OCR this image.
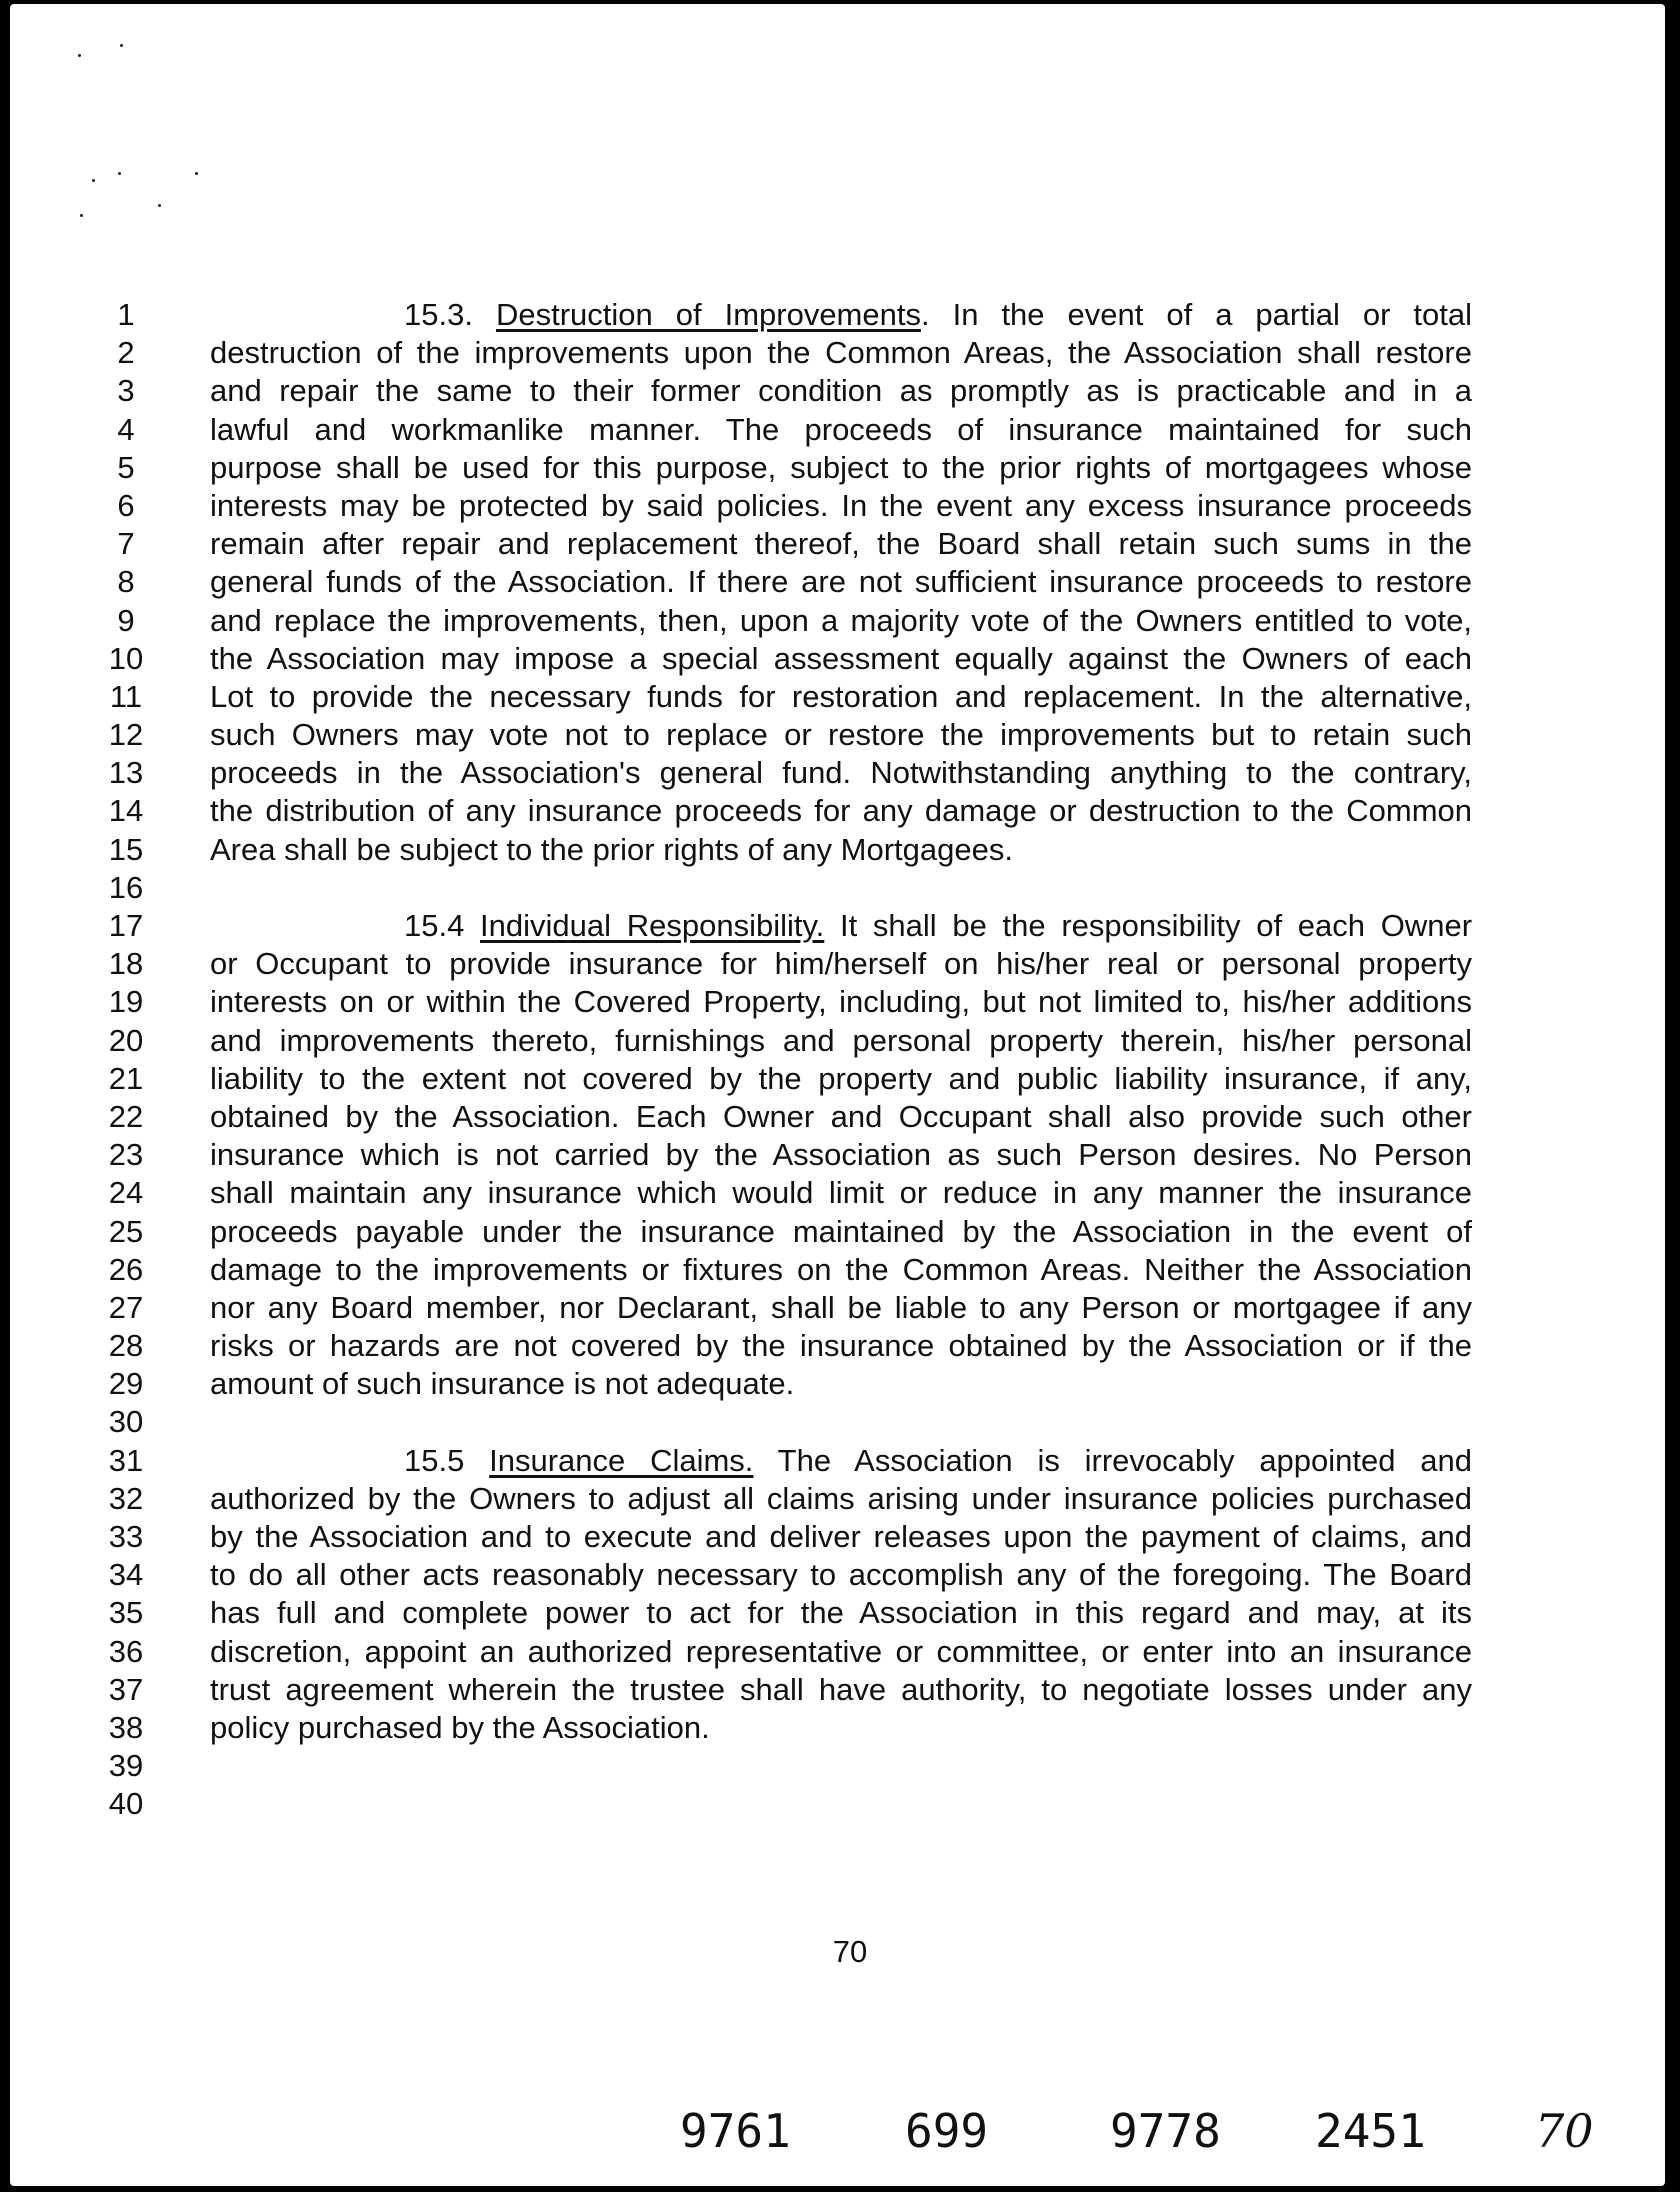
1	15.3. Destruction of Improvements. In the event of a partial or total
2	destruction of the improvements upon the Common Areas, the Association shall restore
3	and repair the same to their former condition as promptly as is practicable and in a
4	lawful and workmanlike manner. The proceeds of insurance maintained for such
5	purpose shall be used for this purpose, subject to the prior rights of mortgagees whose
6	interests may be protected by said policies. In the event any excess insurance proceeds
7	remain after repair and replacement thereof, the Board shall retain such sums in the
8	general funds of the Association. If there are not sufficient insurance proceeds to restore
9	and replace the improvements, then, upon a majority vote of the Owners entitled to vote,
10	the Association may impose a special assessment equally against the Owners of each
11	Lot to provide the necessary funds for restoration and replacement. In the alternative,
12	such Owners may vote not to replace or restore the improvements but to retain such
13	proceeds in the Association's general fund. Notwithstanding anything to the contrary,
14	the distribution of any insurance proceeds for any damage or destruction to the Common
15	Area shall be subject to the prior rights of any Mortgagees.
16
17	15.4 Individual Responsibility. It shall be the responsibility of each Owner
18	or Occupant to provide insurance for him/herself on his/her real or personal property
19	interests on or within the Covered Property, including, but not limited to, his/her additions
20	and improvements thereto, furnishings and personal property therein, his/her personal
21	liability to the extent not covered by the property and public liability insurance, if any,
22	obtained by the Association. Each Owner and Occupant shall also provide such other
23	insurance which is not carried by the Association as such Person desires. No Person
24	shall maintain any insurance which would limit or reduce in any manner the insurance
25	proceeds payable under the insurance maintained by the Association in the event of
26	damage to the improvements or fixtures on the Common Areas. Neither the Association
27	nor any Board member, nor Declarant, shall be liable to any Person or mortgagee if any
28	risks or hazards are not covered by the insurance obtained by the Association or if the
29	amount of such insurance is not adequate.
30
31	15.5 Insurance Claims. The Association is irrevocably appointed and
32	authorized by the Owners to adjust all claims arising under insurance policies purchased
33	by the Association and to execute and deliver releases upon the payment of claims, and
34	to do all other acts reasonably necessary to accomplish any of the foregoing. The Board
35	has full and complete power to act for the Association in this regard and may, at its
36	discretion, appoint an authorized representative or committee, or enter into an insurance
37	trust agreement wherein the trustee shall have authority, to negotiate losses under any
38	policy purchased by the Association.
39
40
70
9761 699	9778 2451 70
